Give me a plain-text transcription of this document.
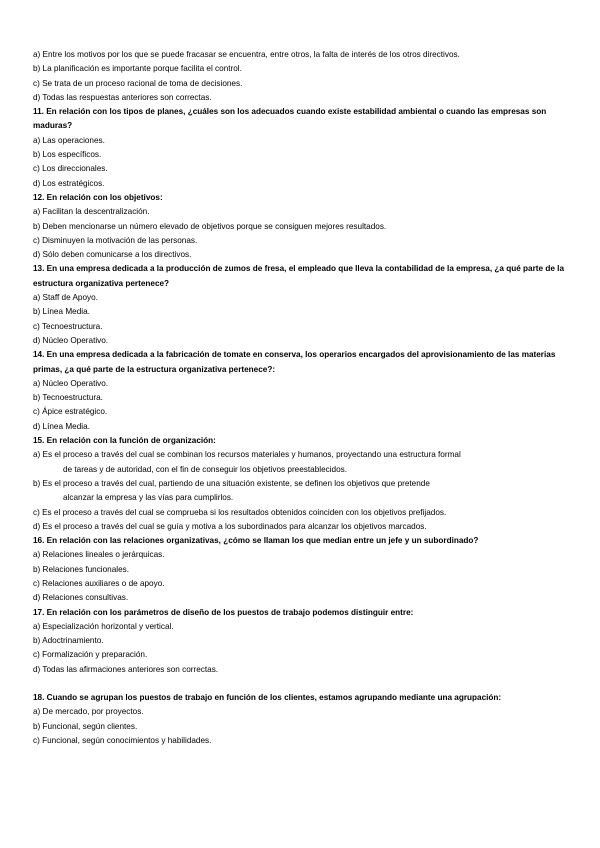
a) Entre los motivos por los que se puede fracasar se encuentra, entre otros, la falta de interés de los otros directivos.
b) La planificación es importante porque facilita el control.
c) Se trata de un proceso racional de toma de decisiones.
d) Todas las respuestas anteriores son correctas.
11. En relación con los tipos de planes, ¿cuáles son los adecuados cuando existe estabilidad ambiental o cuando las empresas son maduras?
a) Las operaciones.
b) Los específicos.
c) Los direccionales.
d) Los estratégicos.
12. En relación con los objetivos:
a) Facilitan la descentralización.
b) Deben mencionarse un número elevado de objetivos porque se consiguen mejores resultados.
c) Disminuyen la motivación de las personas.
d) Sólo deben comunicarse a los directivos.
13. En una empresa dedicada a la producción de zumos de fresa, el empleado que lleva la contabilidad de la empresa, ¿a qué parte de la estructura organizativa pertenece?
a) Staff de Apoyo.
b) Línea Media.
c) Tecnoestructura.
d) Núcleo Operativo.
14. En una empresa dedicada a la fabricación de tomate en conserva, los operarios encargados del aprovisionamiento de las materias primas, ¿a qué parte de la estructura organizativa pertenece?:
a) Núcleo Operativo.
b) Tecnoestructura.
c) Ápice estratégico.
d) Línea Media.
15. En relación con la función de organización:
a) Es el proceso a través del cual se combinan los recursos materiales y humanos, proyectando una estructura formal
de tareas y de autoridad, con el fin de conseguir los objetivos preestablecidos.
b) Es el proceso a través del cual, partiendo de una situación existente, se definen los objetivos que pretende
alcanzar la empresa y las vías para cumplirlos.
c) Es el proceso a través del cual se comprueba si los resultados obtenidos coinciden con los objetivos prefijados.
d) Es el proceso a través del cual se guía y motiva a los subordinados para alcanzar los objetivos marcados.
16. En relación con las relaciones organizativas, ¿cómo se llaman los que median entre un jefe y un subordinado?
a) Relaciones lineales o jerárquicas.
b) Relaciones funcionales.
c) Relaciones auxiliares o de apoyo.
d) Relaciones consultivas.
17. En relación con los parámetros de diseño de los puestos de trabajo podemos distinguir entre:
a) Especialización horizontal y vertical.
b) Adoctrinamiento.
c) Formalización y preparación.
d) Todas las afirmaciones anteriores son correctas.
18. Cuando se agrupan los puestos de trabajo en función de los clientes, estamos agrupando mediante una agrupación:
a) De mercado, por proyectos.
b) Funcional, según clientes.
c) Funcional, según conocimientos y habilidades.
